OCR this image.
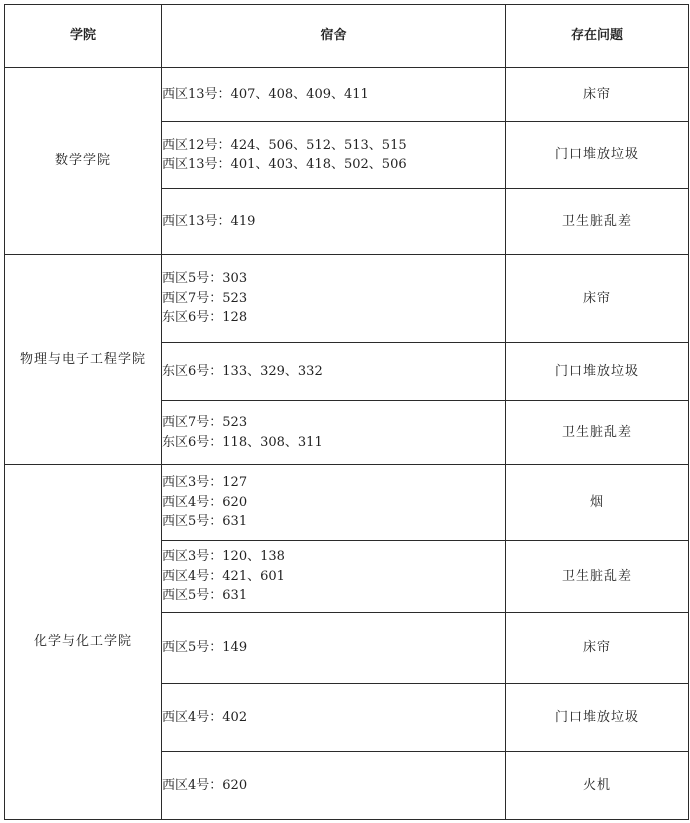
学院	宿舍	存在问题
数学学院	西区13号：407、408、409、411	床帘

	西区12号：424、506、512、513、515
西区13号：401、403、418、502、506	门口堆放垃圾

	西区13号：419	卫生脏乱差
物理与电子工程学院	西区5号：303
西区7号：523
东区6号：128	床帘

	东区6号：133、329、332	门口堆放垃圾

	西区7号：523
东区6号：118、308、311	卫生脏乱差
化学与化工学院	西区3号：127
西区4号：620
西区5号：631	烟

	西区3号：120、138
西区4号：421、601
西区5号：631	卫生脏乱差

	西区5号：149	床帘

	西区4号：402	门口堆放垃圾

	西区4号：620	火机
